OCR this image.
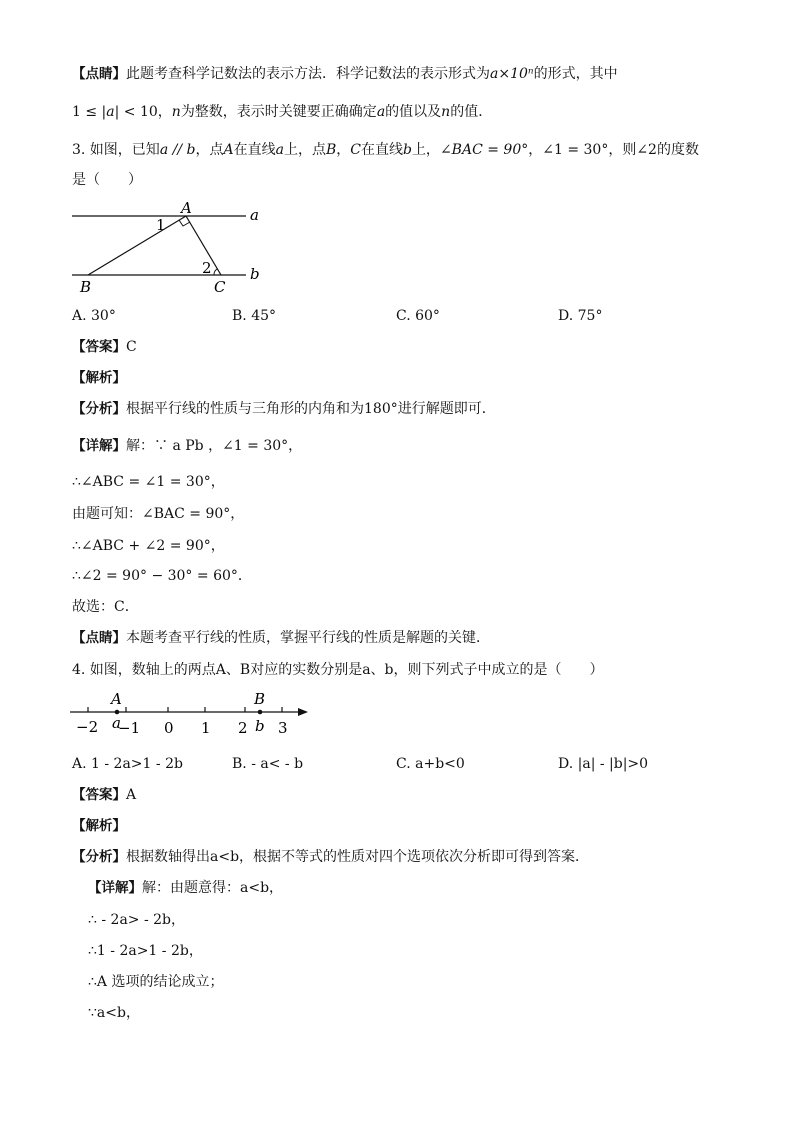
【点睛】此题考查科学记数法的表示方法．科学记数法的表示形式为a×10ⁿ的形式，其中
1 ≤ |a| < 10，n为整数，表示时关键要正确确定a的值以及n的值．
3. 如图，已知a // b，点A在直线a上，点B，C在直线b上，∠BAC = 90°，∠1 = 30°，则∠2的度数
是（　　）
A	a
b
B	C
1
2
A. 30°	B. 45°	C. 60°	D. 75°
【答案】C
【解析】
【分析】根据平行线的性质与三角形的内角和为180°进行解题即可．
【详解】解：∵ a Pb ，∠1 = 30°，
∴∠ABC = ∠1 = 30°，
由题可知：∠BAC = 90°，
∴∠ABC + ∠2 = 90°，
∴∠2 = 90° − 30° = 60°．
故选：C．
【点睛】本题考查平行线的性质，掌握平行线的性质是解题的关键．
4. 如图，数轴上的两点A、B对应的实数分别是a、b，则下列式子中成立的是（　　）
A	B
−2 a
−1 0 1 2 b 3
A. 1 - 2a>1 - 2b	B. - a< - b	C. a+b<0	D. |a| - |b|>0
【答案】A
【解析】
【分析】根据数轴得出a<b，根据不等式的性质对四个选项依次分析即可得到答案．
【详解】解：由题意得：a<b，
∴ - 2a> - 2b，
∴1 - 2a>1 - 2b，
∴A 选项的结论成立；
∵a<b，
